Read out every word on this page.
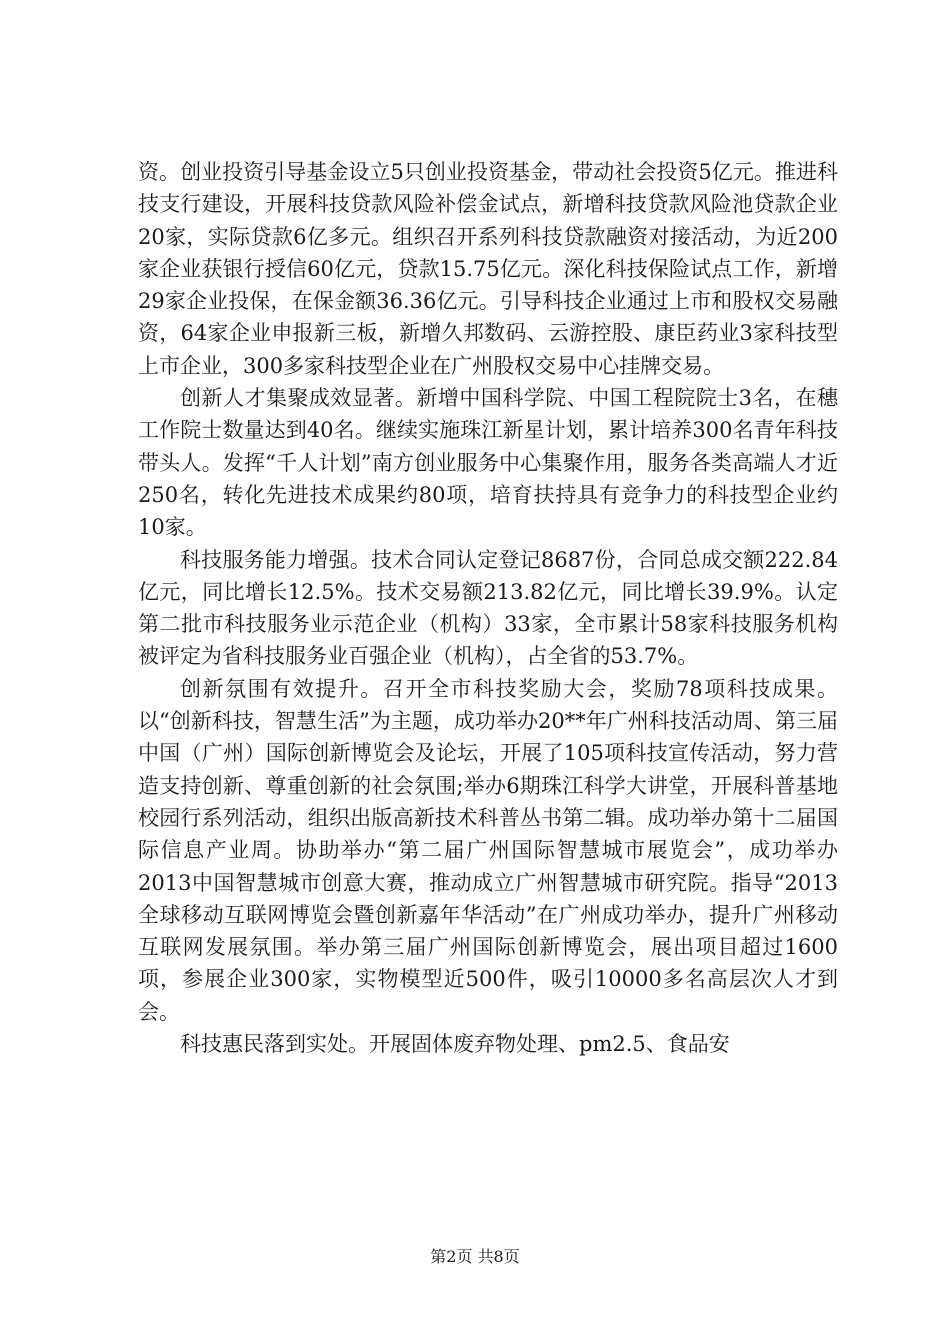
资。创业投资引导基金设立5只创业投资基金，带动社会投资5亿元。推进科技支行建设，开展科技贷款风险补偿金试点，新增科技贷款风险池贷款企业20家，实际贷款6亿多元。组织召开系列科技贷款融资对接活动，为近200家企业获银行授信60亿元，贷款15.75亿元。深化科技保险试点工作，新增29家企业投保，在保金额36.36亿元。引导科技企业通过上市和股权交易融资，64家企业申报新三板，新增久邦数码、云游控股、康臣药业3家科技型上市企业，300多家科技型企业在广州股权交易中心挂牌交易。

创新人才集聚成效显著。新增中国科学院、中国工程院院士3名，在穗工作院士数量达到40名。继续实施珠江新星计划，累计培养300名青年科技带头人。发挥“千人计划”南方创业服务中心集聚作用，服务各类高端人才近250名，转化先进技术成果约80项，培育扶持具有竞争力的科技型企业约10家。

科技服务能力增强。技术合同认定登记8687份，合同总成交额222.84亿元，同比增长12.5%。技术交易额213.82亿元，同比增长39.9%。认定第二批市科技服务业示范企业（机构）33家，全市累计58家科技服务机构被评定为省科技服务业百强企业（机构），占全省的53.7%。

创新氛围有效提升。召开全市科技奖励大会，奖励78项科技成果。以“创新科技，智慧生活”为主题，成功举办20**年广州科技活动周、第三届中国（广州）国际创新博览会及论坛，开展了105项科技宣传活动，努力营造支持创新、尊重创新的社会氛围;举办6期珠江科学大讲堂，开展科普基地校园行系列活动，组织出版高新技术科普丛书第二辑。成功举办第十二届国际信息产业周。协助举办“第二届广州国际智慧城市展览会”，成功举办2013中国智慧城市创意大赛，推动成立广州智慧城市研究院。指导“2013全球移动互联网博览会暨创新嘉年华活动”在广州成功举办，提升广州移动互联网发展氛围。举办第三届广州国际创新博览会，展出项目超过1600项，参展企业300家，实物模型近500件，吸引10000多名高层次人才到会。

科技惠民落到实处。开展固体废弃物处理、pm2.5、食品安

第2页 共8页
